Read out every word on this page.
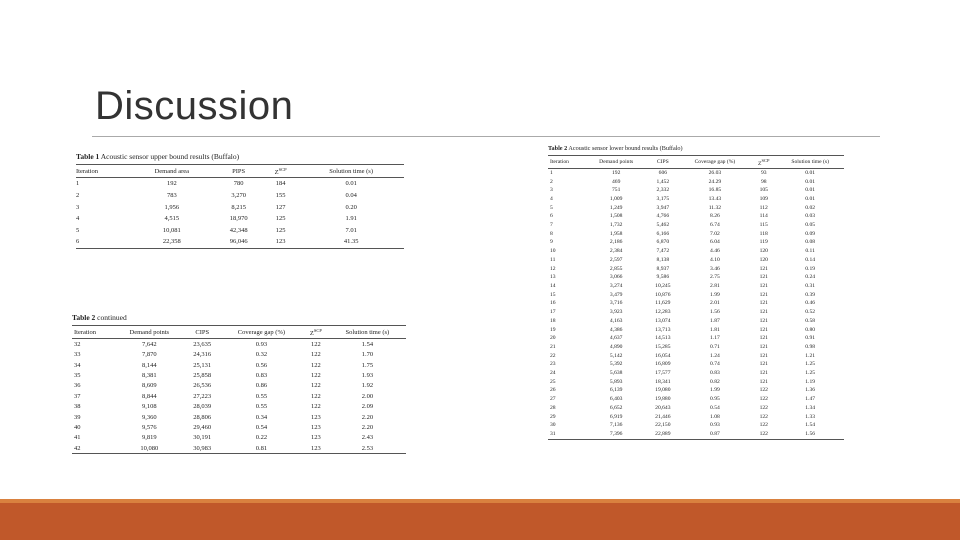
Discussion

Table 1 Acoustic sensor upper bound results (Buffalo)

Iteration	Demand area	PIPS	$Z^{SCP}$	Solution time (s)
1	192	780	184	0.01
2	783	3,270	155	0.04
3	1,956	8,215	127	0.20
4	4,515	18,970	125	1.91
5	10,081	42,348	125	7.01
6	22,358	96,046	123	41.35

Table 2 continued

Iteration	Demand points	CIPS	Coverage gap (%)	$Z^{SCP}$	Solution time (s)
32	7,642	23,635	0.93	122	1.54
33	7,870	24,316	0.32	122	1.70
34	8,144	25,131	0.56	122	1.75
35	8,381	25,858	0.83	122	1.93
36	8,609	26,536	0.86	122	1.92
37	8,844	27,223	0.55	122	2.00
38	9,108	28,039	0.55	122	2.09
39	9,360	28,806	0.34	123	2.20
40	9,576	29,460	0.54	123	2.20
41	9,819	30,191	0.22	123	2.43
42	10,080	30,983	0.81	123	2.53

Table 2 Acoustic sensor lower bound results (Buffalo)

Iteration	Demand points	CIPS	Coverage gap (%)	$Z^{SCP}$	Solution time (s)
1	192	606	26.03	93	0.01
2	469	1,452	24.29	98	0.01
3	751	2,332	16.85	105	0.01
4	1,009	3,175	13.43	109	0.01
5	1,249	3,947	11.32	112	0.02
6	1,508	4,766	8.26	114	0.03
7	1,732	5,462	6.74	115	0.05
8	1,958	6,166	7.02	118	0.09
9	2,186	6,870	6.04	119	0.08
10	2,384	7,472	4.46	120	0.11
11	2,597	8,138	4.10	120	0.14
12	2,855	8,937	3.46	121	0.19
13	3,066	9,586	2.75	121	0.24
14	3,274	10,245	2.81	121	0.31
15	3,479	10,876	1.99	121	0.39
16	3,716	11,629	2.01	121	0.46
17	3,923	12,283	1.56	121	0.52
18	4,163	13,074	1.87	121	0.58
19	4,386	13,713	1.81	121	0.80
20	4,637	14,513	1.17	121	0.91
21	4,890	15,285	0.71	121	0.98
22	5,142	16,054	1.24	121	1.21
23	5,392	16,809	0.74	121	1.25
24	5,638	17,577	0.83	121	1.25
25	5,893	18,341	0.82	121	1.19
26	6,139	19,080	1.99	122	1.36
27	6,403	19,880	0.95	122	1.47
28	6,652	20,643	0.54	122	1.34
29	6,919	21,446	1.08	122	1.33
30	7,136	22,150	0.93	122	1.54
31	7,396	22,889	0.87	122	1.56
